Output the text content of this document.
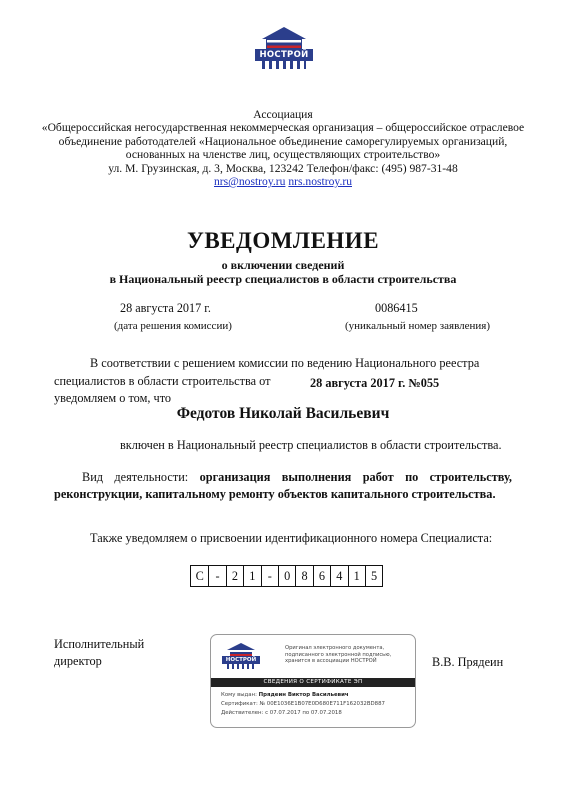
НОСТРОЙ
Ассоциация
«Общероссийская негосударственная некоммерческая организация – общероссийское отраслевое
объединение работодателей «Национальное объединение саморегулируемых организаций,
основанных на членстве лиц, осуществляющих строительство»
ул. М. Грузинская, д. 3, Москва, 123242 Телефон/факс: (495) 987-31-48
nrs@nostroy.ru nrs.nostroy.ru
УВЕДОМЛЕНИЕ
о включении сведений
в Национальный реестр специалистов в области строительства
28 августа 2017 г.
(дата решения комиссии)
0086415
(уникальный номер заявления)
В соответствии с решением комиссии по ведению Национального реестра
специалистов в области строительства от	28 августа 2017 г. №055
уведомляем о том, что
Федотов Николай Васильевич
включен в Национальный реестр специалистов в области строительства.
Вид деятельности: организация выполнения работ по строительству, реконструкции, капитальному ремонту объектов капитального строительства.
Также уведомляем о присвоении идентификационного номера Специалиста:
С - 2 1 - 0 8 6 4 1 5
Исполнительный
директор	В.В. Прядеин
НОСТРОЙ
Оригинал электронного документа,
подписанного электронной подписью,
хранится в ассоциации НОСТРОЙ
СВЕДЕНИЯ О СЕРТИФИКАТЕ ЭП
Кому выдан: Прядеин Виктор Васильевич
Сертификат: № 00E1036E1B07E0D680E711F162032BD887
Действителен: с 07.07.2017 по 07.07.2018
